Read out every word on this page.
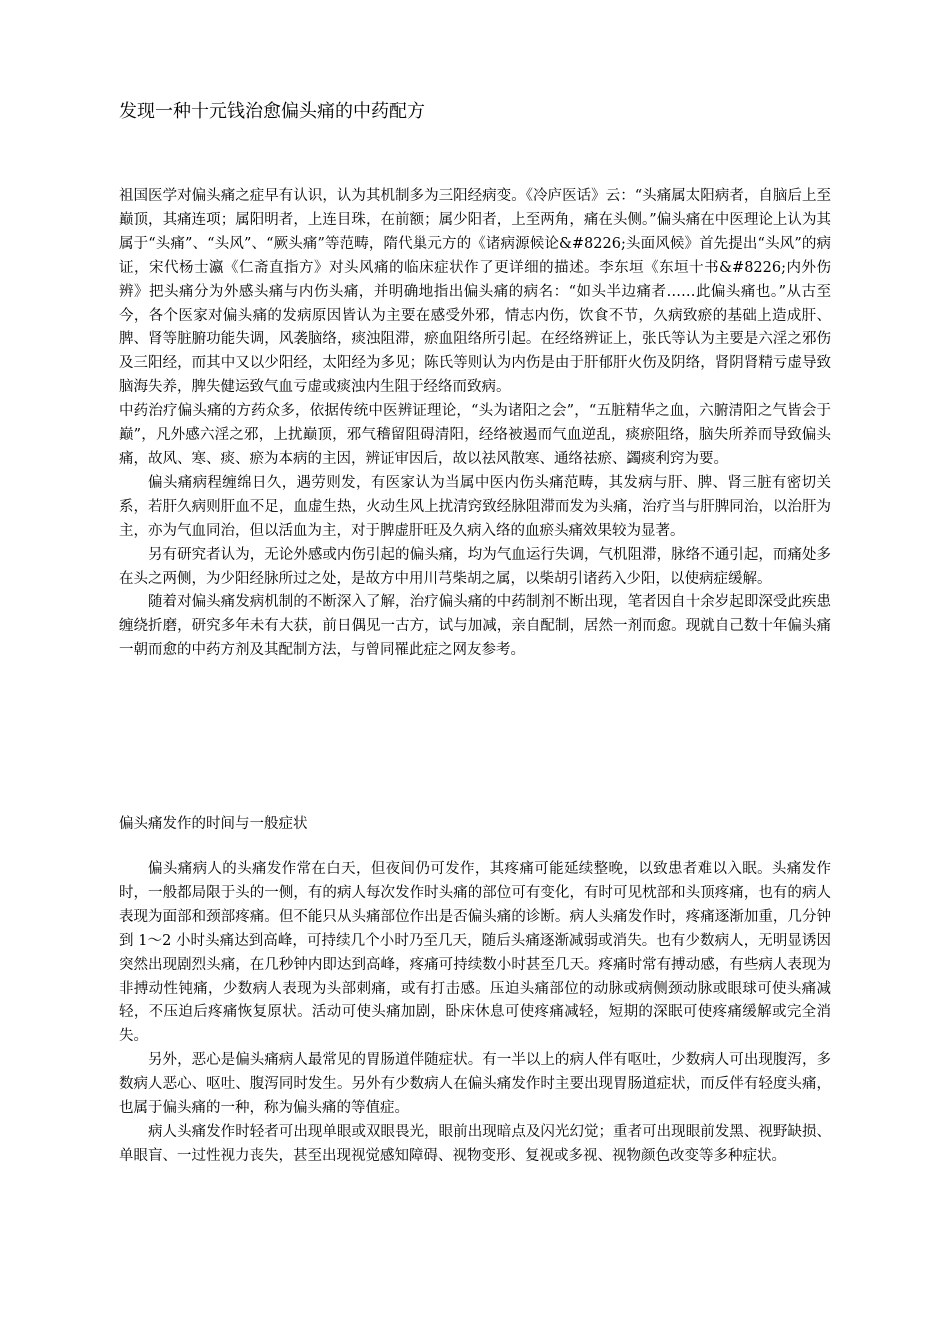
发现一种十元钱治愈偏头痛的中药配方

祖国医学对偏头痛之症早有认识，认为其机制多为三阳经病变。《冷庐医话》云：“头痛属太阳病者，自脑后上至巅顶，其痛连项；属阳明者，上连目珠，在前额；属少阳者，上至两角，痛在头侧。”偏头痛在中医理论上认为其属于“头痛”、“头风”、“厥头痛”等范畴，隋代巢元方的《诸病源候论&#8226;头面风候》首先提出“头风”的病证，宋代杨士瀛《仁斋直指方》对头风痛的临床症状作了更详细的描述。李东垣《东垣十书&#8226;内外伤辨》把头痛分为外感头痛与内伤头痛，并明确地指出偏头痛的病名：“如头半边痛者……此偏头痛也。”从古至今，各个医家对偏头痛的发病原因皆认为主要在感受外邪，情志内伤，饮食不节，久病致瘀的基础上造成肝、脾、肾等脏腑功能失调，风袭脑络，痰浊阻滞，瘀血阻络所引起。在经络辨证上，张氏等认为主要是六淫之邪伤及三阳经，而其中又以少阳经，太阳经为多见；陈氏等则认为内伤是由于肝郁肝火伤及阴络，肾阴肾精亏虚导致脑海失养，脾失健运致气血亏虚或痰浊内生阻于经络而致病。

中药治疗偏头痛的方药众多，依据传统中医辨证理论，“头为诸阳之会”，“五脏精华之血，六腑清阳之气皆会于巅”，凡外感六淫之邪，上扰巅顶，邪气稽留阻碍清阳，经络被遏而气血逆乱，痰瘀阻络，脑失所养而导致偏头痛，故风、寒、痰、瘀为本病的主因，辨证审因后，故以祛风散寒、通络祛瘀、蠲痰利窍为要。

偏头痛病程缠绵日久，遇劳则发，有医家认为当属中医内伤头痛范畴，其发病与肝、脾、肾三脏有密切关系，若肝久病则肝血不足，血虚生热，火动生风上扰清窍致经脉阻滞而发为头痛，治疗当与肝脾同治，以治肝为主，亦为气血同治，但以活血为主，对于脾虚肝旺及久病入络的血瘀头痛效果较为显著。

另有研究者认为，无论外感或内伤引起的偏头痛，均为气血运行失调，气机阻滞，脉络不通引起，而痛处多在头之两侧，为少阳经脉所过之处，是故方中用川芎柴胡之属，以柴胡引诸药入少阳，以使病症缓解。

随着对偏头痛发病机制的不断深入了解，治疗偏头痛的中药制剂不断出现，笔者因自十余岁起即深受此疾患缠绕折磨，研究多年未有大获，前日偶见一古方，试与加减，亲自配制，居然一剂而愈。现就自己数十年偏头痛一朝而愈的中药方剂及其配制方法，与曾同罹此症之网友参考。

偏头痛发作的时间与一般症状

偏头痛病人的头痛发作常在白天，但夜间仍可发作，其疼痛可能延续整晚，以致患者难以入眠。头痛发作时，一般都局限于头的一侧，有的病人每次发作时头痛的部位可有变化，有时可见枕部和头顶疼痛，也有的病人表现为面部和颈部疼痛。但不能只从头痛部位作出是否偏头痛的诊断。病人头痛发作时，疼痛逐渐加重，几分钟到 1～2 小时头痛达到高峰，可持续几个小时乃至几天，随后头痛逐渐减弱或消失。也有少数病人，无明显诱因突然出现剧烈头痛，在几秒钟内即达到高峰，疼痛可持续数小时甚至几天。疼痛时常有搏动感，有些病人表现为非搏动性钝痛，少数病人表现为头部刺痛，或有打击感。压迫头痛部位的动脉或病侧颈动脉或眼球可使头痛减轻，不压迫后疼痛恢复原状。活动可使头痛加剧，卧床休息可使疼痛减轻，短期的深眠可使疼痛缓解或完全消失。

另外，恶心是偏头痛病人最常见的胃肠道伴随症状。有一半以上的病人伴有呕吐，少数病人可出现腹泻，多数病人恶心、呕吐、腹泻同时发生。另外有少数病人在偏头痛发作时主要出现胃肠道症状，而反伴有轻度头痛，也属于偏头痛的一种，称为偏头痛的等值症。

病人头痛发作时轻者可出现单眼或双眼畏光，眼前出现暗点及闪光幻觉；重者可出现眼前发黑、视野缺损、单眼盲、一过性视力丧失，甚至出现视觉感知障碍、视物变形、复视或多视、视物颜色改变等多种症状。
